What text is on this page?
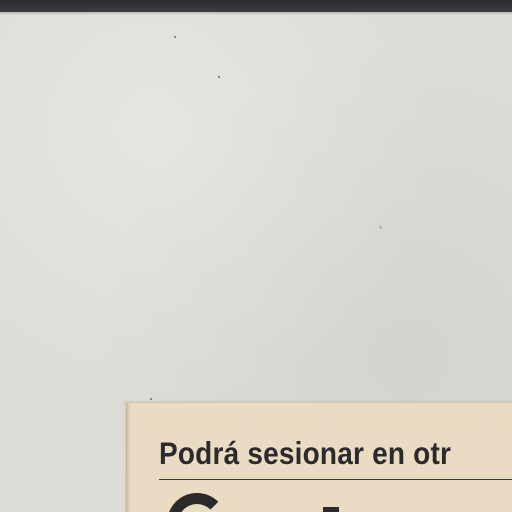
Podrá sesionar en otr
